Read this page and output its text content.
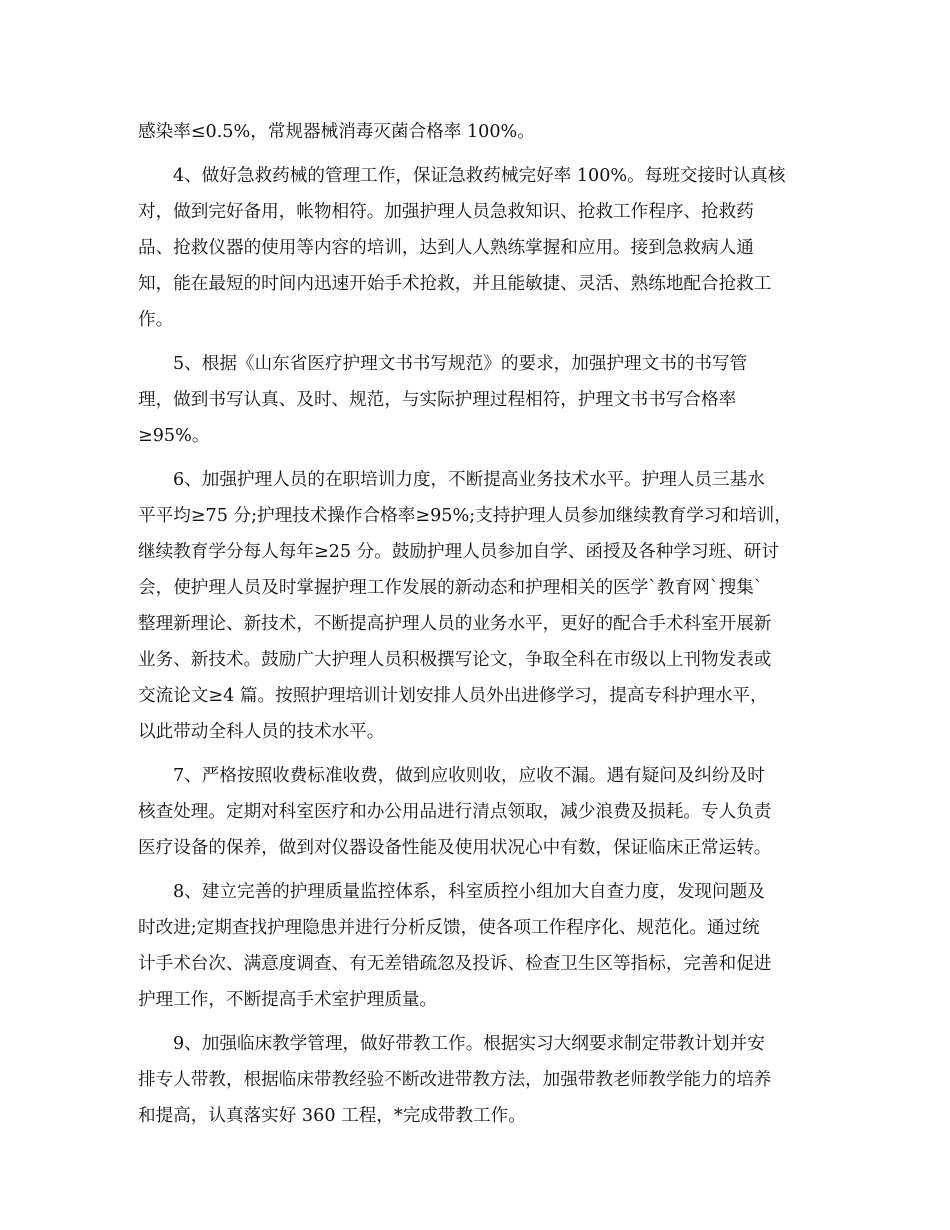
感染率≤0.5%，常规器械消毒灭菌合格率 100%。

4、做好急救药械的管理工作，保证急救药械完好率 100%。每班交接时认真核
对，做到完好备用，帐物相符。加强护理人员急救知识、抢救工作程序、抢救药
品、抢救仪器的使用等内容的培训，达到人人熟练掌握和应用。接到急救病人通
知，能在最短的时间内迅速开始手术抢救，并且能敏捷、灵活、熟练地配合抢救工
作。

5、根据《山东省医疗护理文书书写规范》的要求，加强护理文书的书写管
理，做到书写认真、及时、规范，与实际护理过程相符，护理文书书写合格率
≥95%。

6、加强护理人员的在职培训力度，不断提高业务技术水平。护理人员三基水
平平均≥75 分;护理技术操作合格率≥95%;支持护理人员参加继续教育学习和培训，
继续教育学分每人每年≥25 分。鼓励护理人员参加自学、函授及各种学习班、研讨
会，使护理人员及时掌握护理工作发展的新动态和护理相关的医学`教育网`搜集`
整理新理论、新技术，不断提高护理人员的业务水平，更好的配合手术科室开展新
业务、新技术。鼓励广大护理人员积极撰写论文，争取全科在市级以上刊物发表或
交流论文≥4 篇。按照护理培训计划安排人员外出进修学习，提高专科护理水平，
以此带动全科人员的技术水平。

7、严格按照收费标准收费，做到应收则收，应收不漏。遇有疑问及纠纷及时
核查处理。定期对科室医疗和办公用品进行清点领取，减少浪费及损耗。专人负责
医疗设备的保养，做到对仪器设备性能及使用状况心中有数，保证临床正常运转。

8、建立完善的护理质量监控体系，科室质控小组加大自查力度，发现问题及
时改进;定期查找护理隐患并进行分析反馈，使各项工作程序化、规范化。通过统
计手术台次、满意度调查、有无差错疏忽及投诉、检查卫生区等指标，完善和促进
护理工作，不断提高手术室护理质量。

9、加强临床教学管理，做好带教工作。根据实习大纲要求制定带教计划并安
排专人带教，根据临床带教经验不断改进带教方法，加强带教老师教学能力的培养
和提高，认真落实好 360 工程，*完成带教工作。
